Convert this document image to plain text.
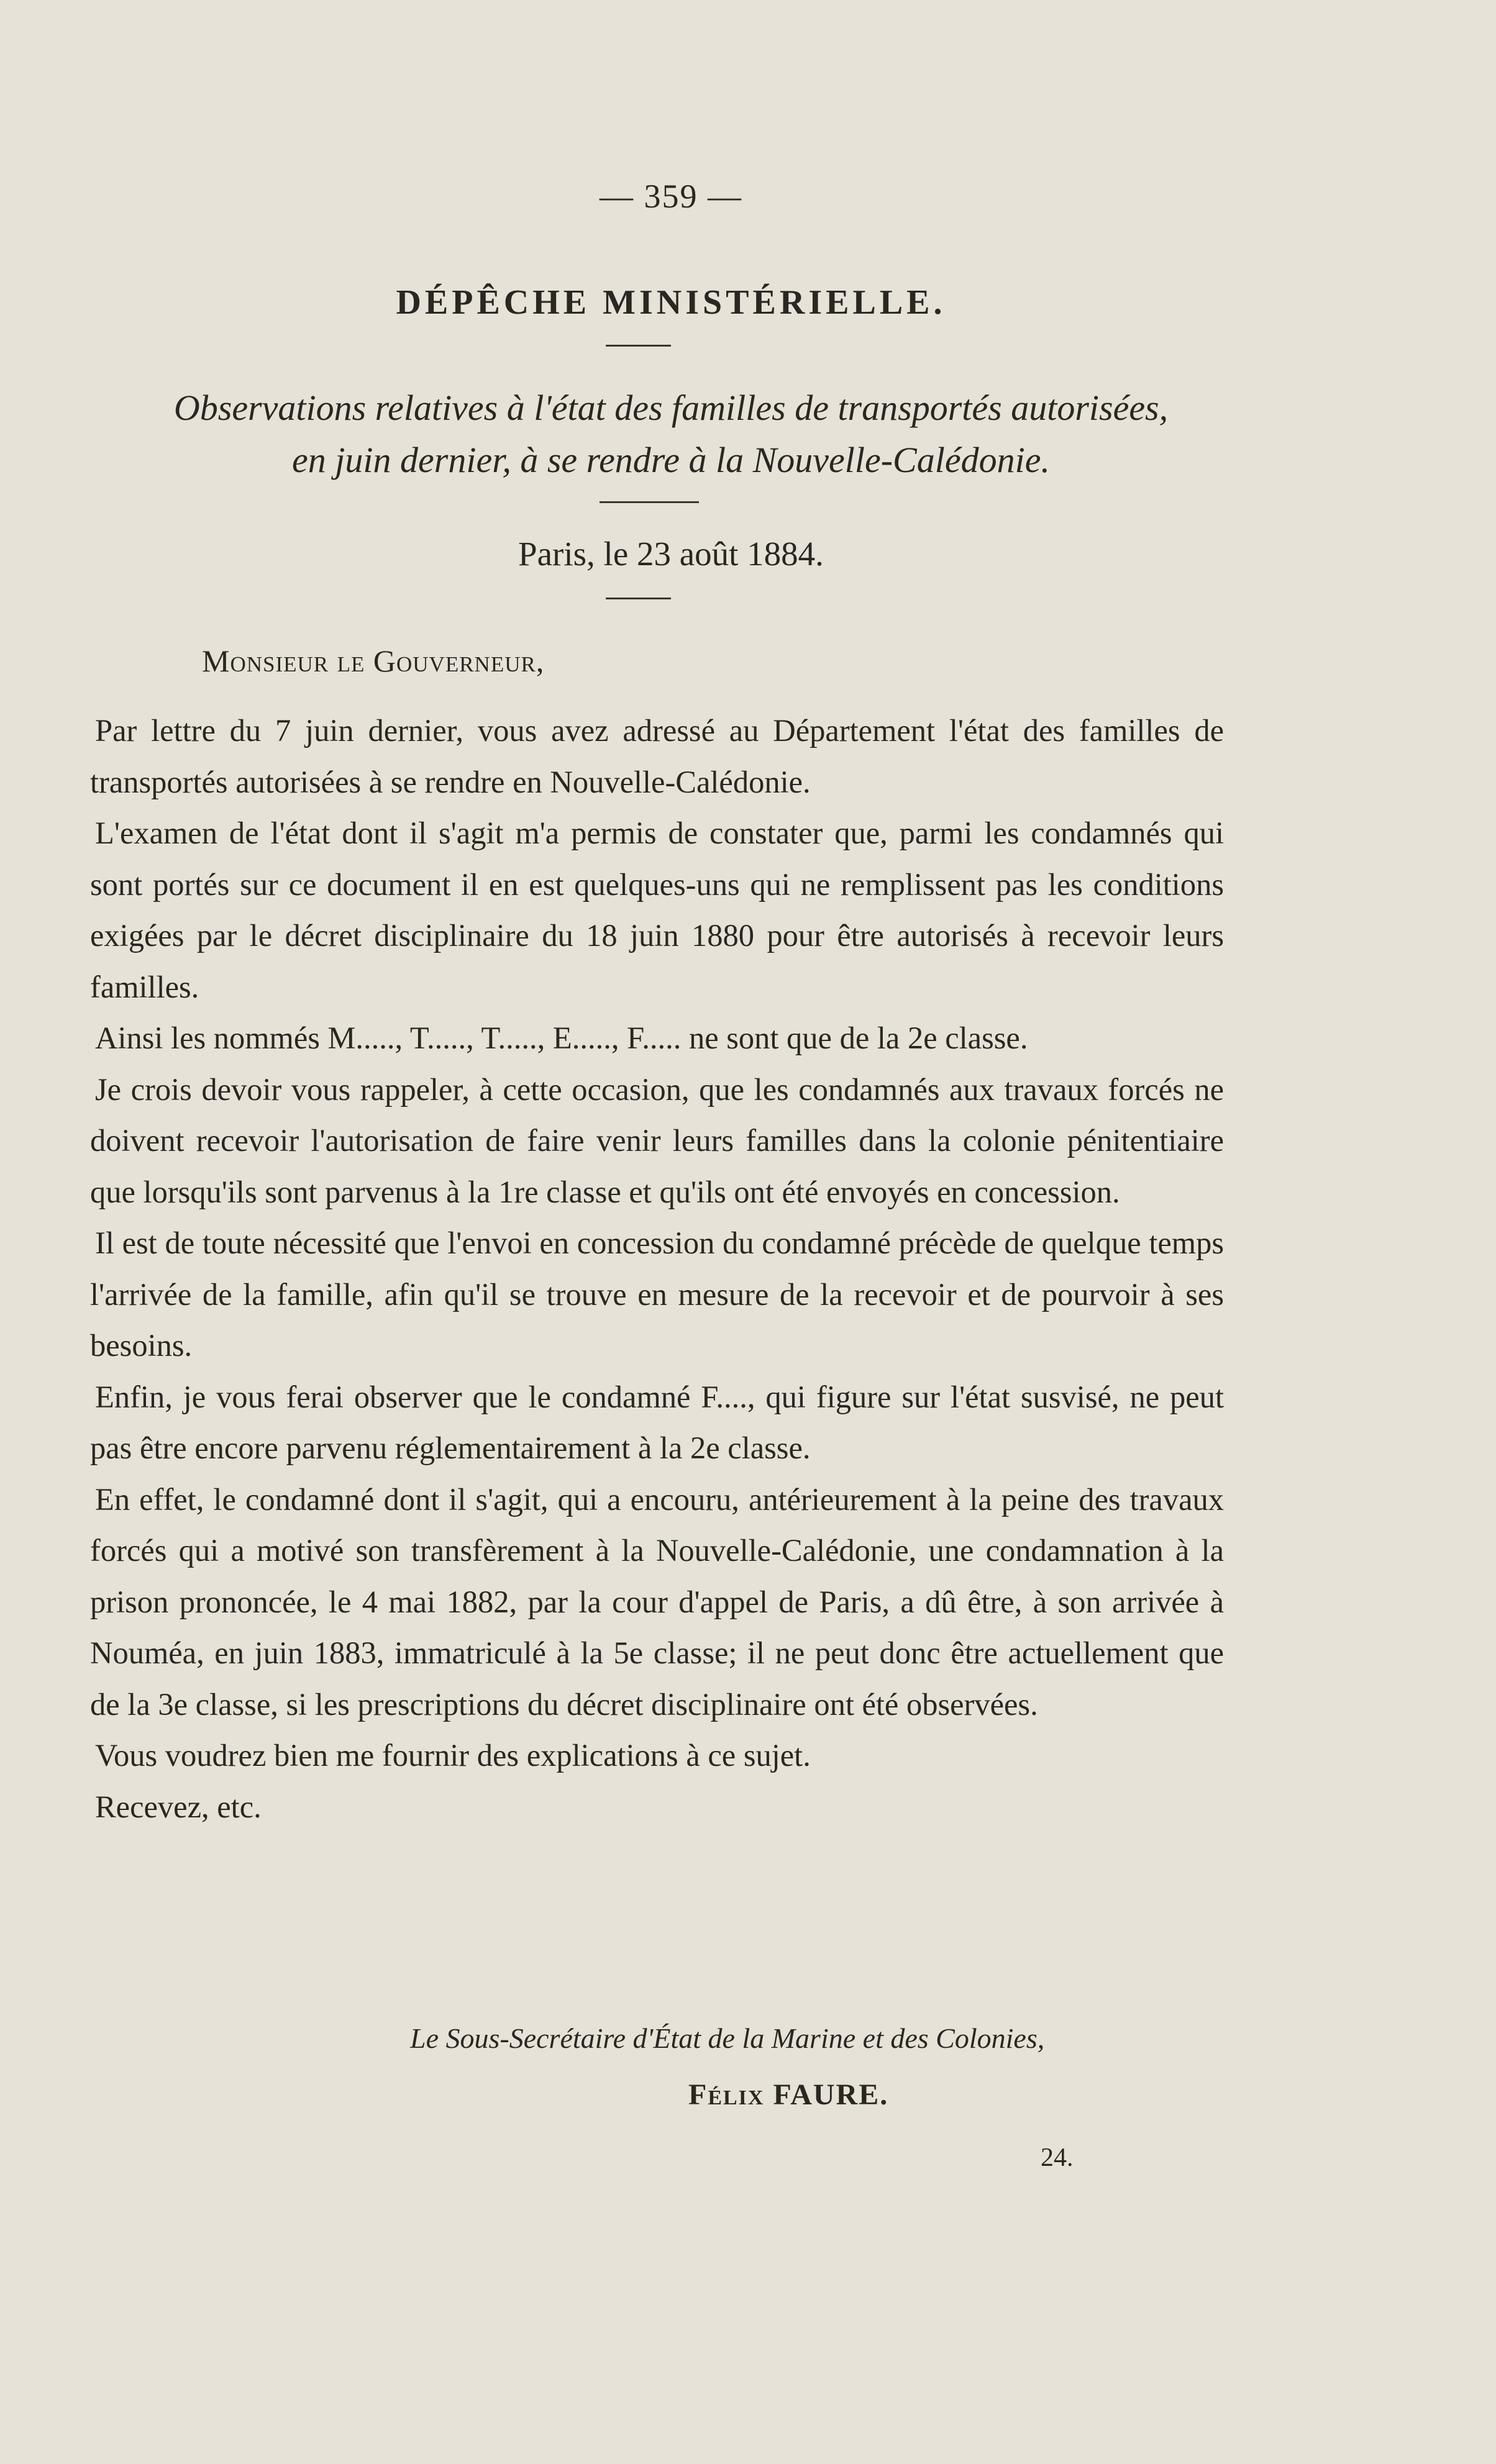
— 359 —
DÉPÊCHE MINISTÉRIELLE.
Observations relatives à l'état des familles de transportés autorisées,
en juin dernier, à se rendre à la Nouvelle-Calédonie.
Paris, le 23 août 1884.
Monsieur le Gouverneur,

Par lettre du 7 juin dernier, vous avez adressé au Département l'état des familles de transportés autorisées à se rendre en Nouvelle-Calédonie.

L'examen de l'état dont il s'agit m'a permis de constater que, parmi les condamnés qui sont portés sur ce document il en est quelques-uns qui ne remplissent pas les conditions exigées par le décret disciplinaire du 18 juin 1880 pour être autorisés à recevoir leurs familles.

Ainsi les nommés M....., T....., T....., E....., F..... ne sont que de la 2e classe.

Je crois devoir vous rappeler, à cette occasion, que les condamnés aux travaux forcés ne doivent recevoir l'autorisation de faire venir leurs familles dans la colonie pénitentiaire que lorsqu'ils sont parvenus à la 1re classe et qu'ils ont été envoyés en concession.

Il est de toute nécessité que l'envoi en concession du condamné précède de quelque temps l'arrivée de la famille, afin qu'il se trouve en mesure de la recevoir et de pourvoir à ses besoins.

Enfin, je vous ferai observer que le condamné F...., qui figure sur l'état susvisé, ne peut pas être encore parvenu réglementairement à la 2e classe.

En effet, le condamné dont il s'agit, qui a encouru, antérieurement à la peine des travaux forcés qui a motivé son transfèrement à la Nouvelle-Calédonie, une condamnation à la prison prononcée, le 4 mai 1882, par la cour d'appel de Paris, a dû être, à son arrivée à Nouméa, en juin 1883, immatriculé à la 5e classe; il ne peut donc être actuellement que de la 3e classe, si les prescriptions du décret disciplinaire ont été observées.

Vous voudrez bien me fournir des explications à ce sujet.

Recevez, etc.

Le Sous-Secrétaire d'État de la Marine et des Colonies,
Félix FAURE.
24.
